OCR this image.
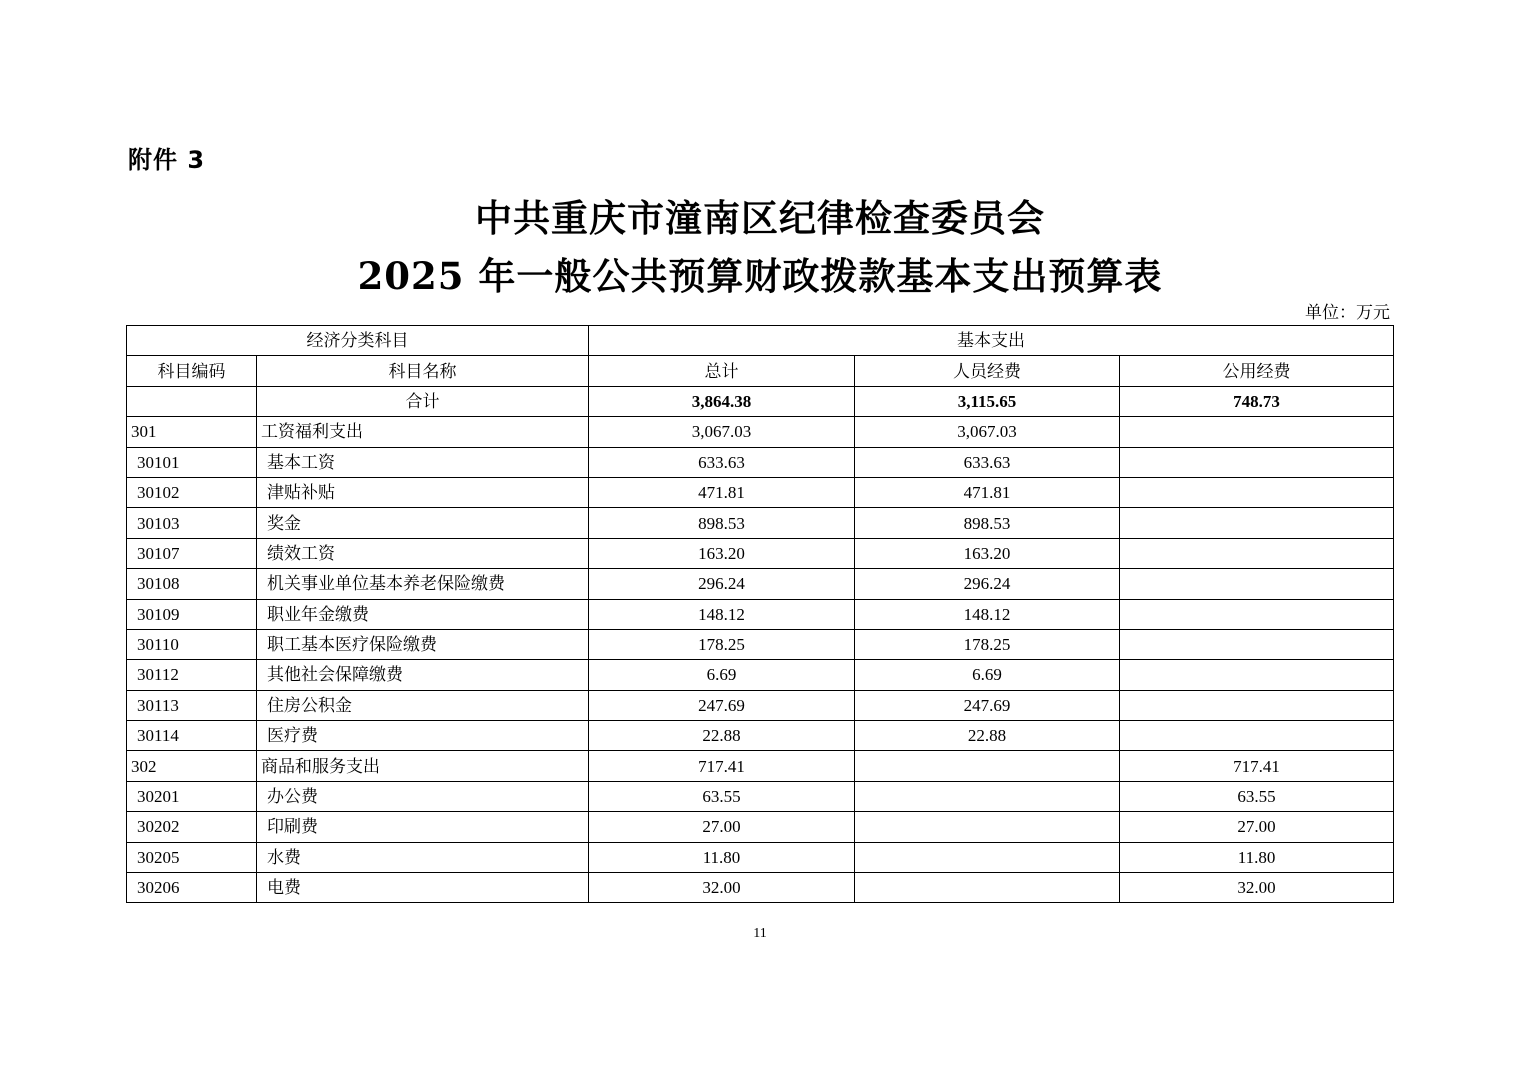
附件 3
中共重庆市潼南区纪律检查委员会
2025 年一般公共预算财政拨款基本支出预算表
单位：万元
经济分类科目		基本支出		
科目编码	科目名称	总计	人员经费	公用经费
	合计	3,864.38	3,115.65	748.73
301	工资福利支出	3,067.03	3,067.03	
30101	基本工资	633.63	633.63	
30102	津贴补贴	471.81	471.81	
30103	奖金	898.53	898.53	
30107	绩效工资	163.20	163.20	
30108	机关事业单位基本养老保险缴费	296.24	296.24	
30109	职业年金缴费	148.12	148.12	
30110	职工基本医疗保险缴费	178.25	178.25	
30112	其他社会保障缴费	6.69	6.69	
30113	住房公积金	247.69	247.69	
30114	医疗费	22.88	22.88	
302	商品和服务支出	717.41		717.41
30201	办公费	63.55		63.55
30202	印刷费	27.00		27.00
30205	水费	11.80		11.80
30206	电费	32.00		32.00
11
